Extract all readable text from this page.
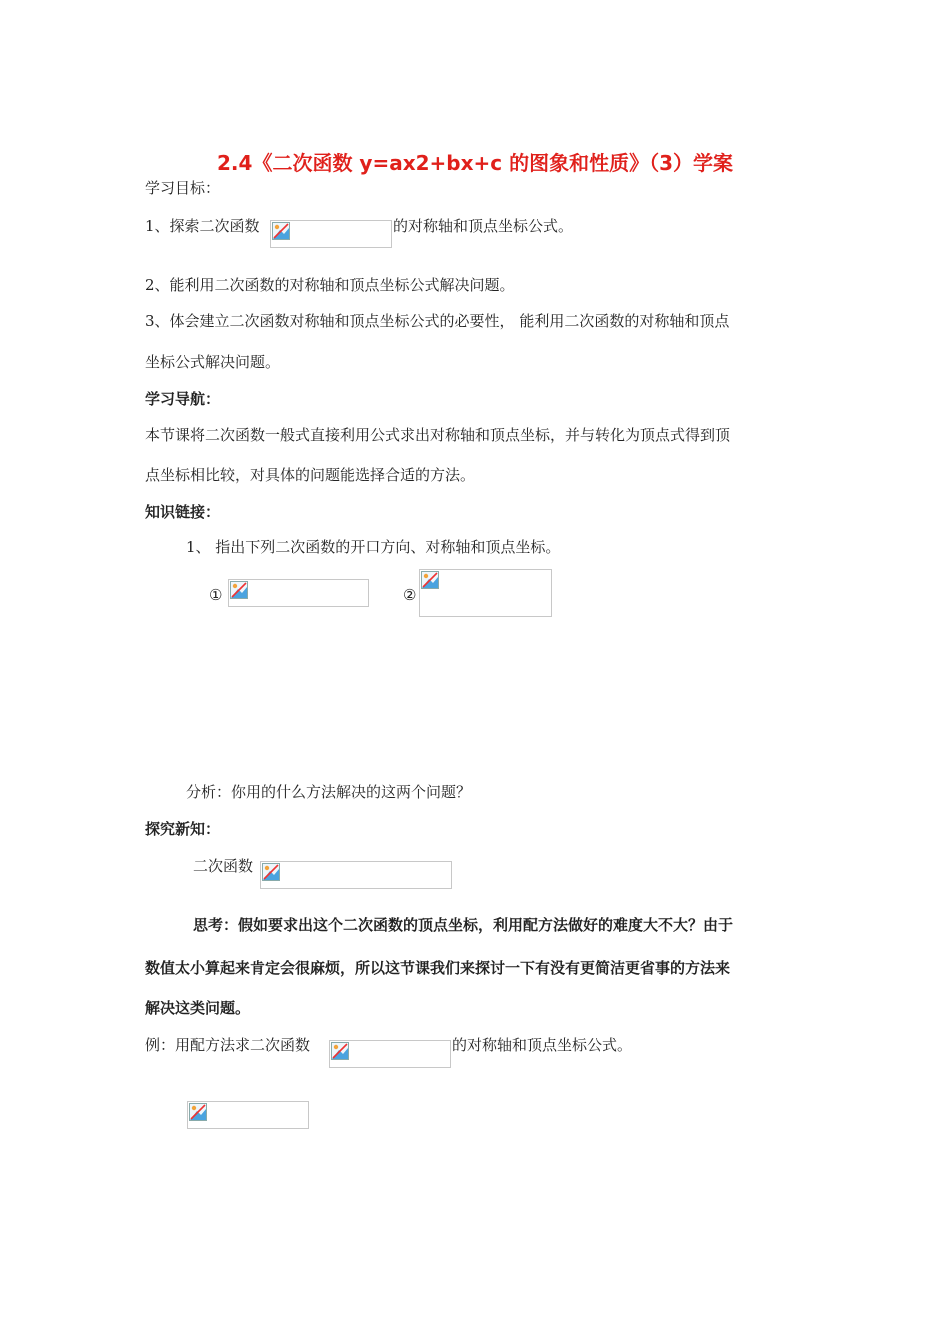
2.4《二次函数 y=ax2+bx+c 的图象和性质》（3）学案
学习目标：
1、探索二次函数	的对称轴和顶点坐标公式。
2、能利用二次函数的对称轴和顶点坐标公式解决问题。
3、体会建立二次函数对称轴和顶点坐标公式的必要性， 能利用二次函数的对称轴和顶点
坐标公式解决问题。
学习导航：
本节课将二次函数一般式直接利用公式求出对称轴和顶点坐标，并与转化为顶点式得到顶
点坐标相比较，对具体的问题能选择合适的方法。
知识链接：
1、 指出下列二次函数的开口方向、对称轴和顶点坐标。
①	②
分析：你用的什么方法解决的这两个问题？
探究新知：
二次函数
思考：假如要求出这个二次函数的顶点坐标，利用配方法做好的难度大不大？由于
数值太小算起来肯定会很麻烦，所以这节课我们来探讨一下有没有更简洁更省事的方法来
解决这类问题。
例：用配方法求二次函数	的对称轴和顶点坐标公式。
